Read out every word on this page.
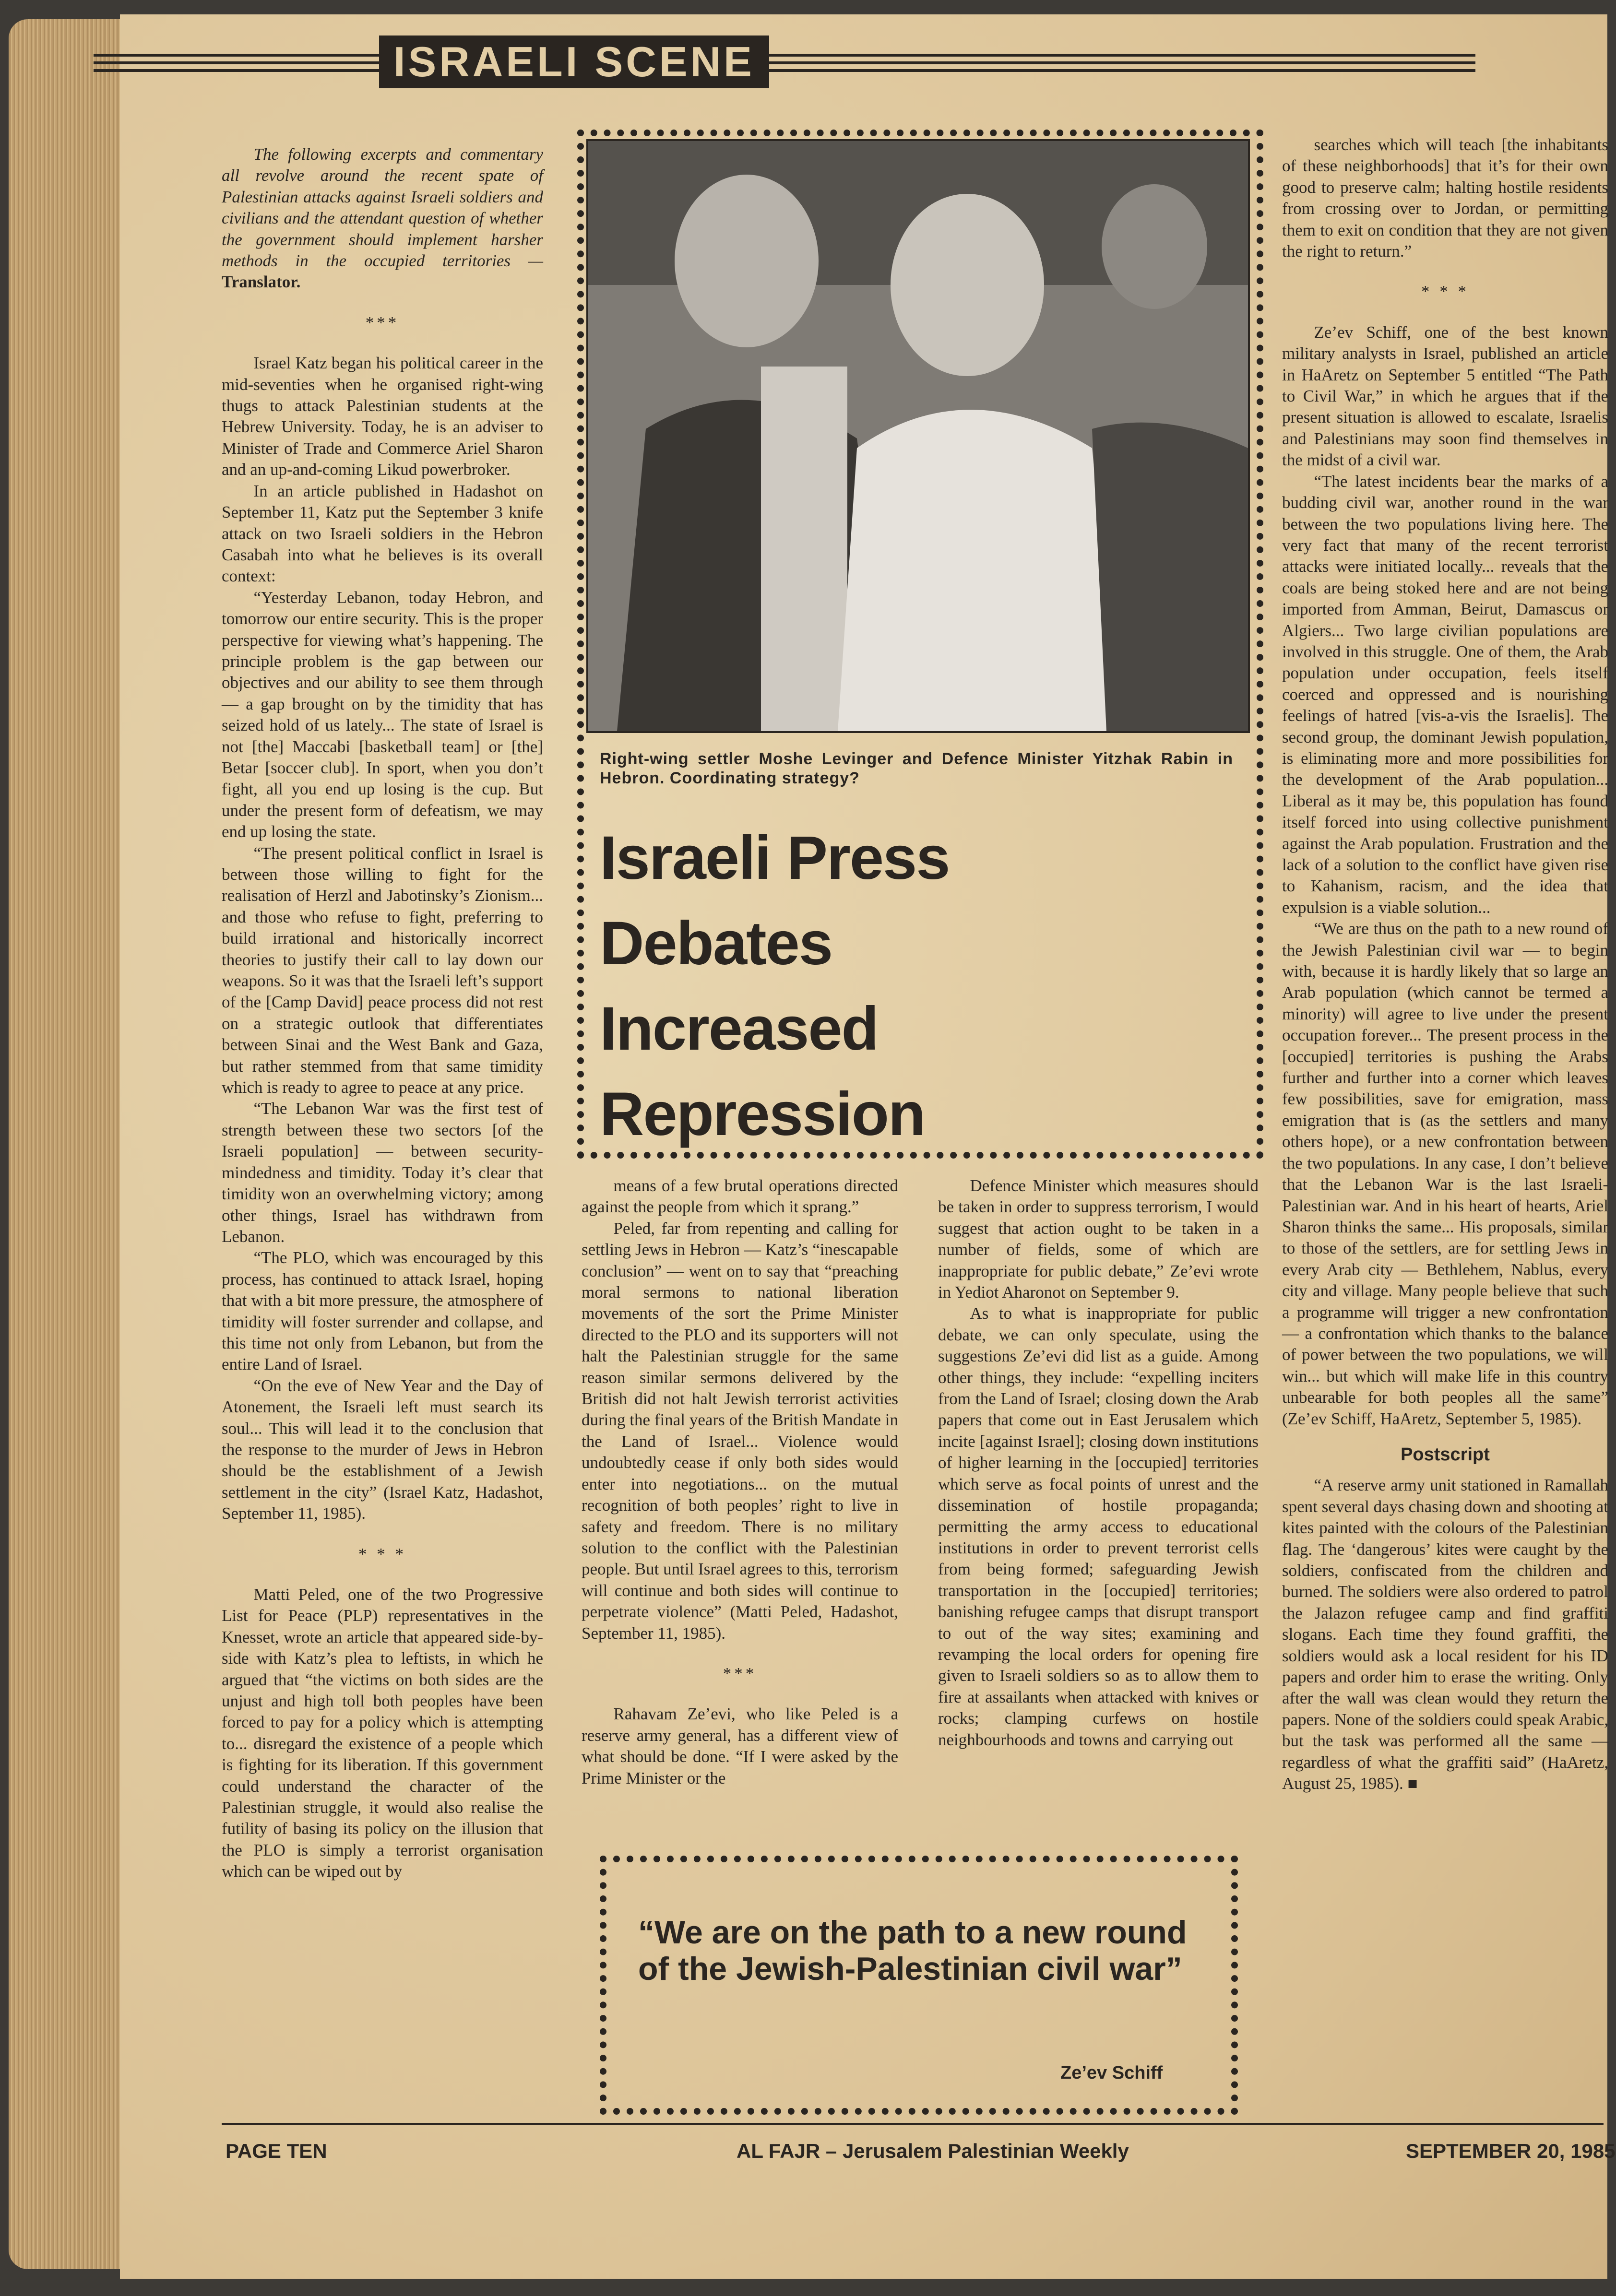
ISRAELI SCENE

The following excerpts and commentary all revolve around the recent spate of Palestinian attacks against Israeli soldiers and civilians and the attendant question of whether the government should implement harsher methods in the occupied territories — Translator.

***

Israel Katz began his political career in the mid-seventies when he organised right-wing thugs to attack Palestinian students at the Hebrew University. Today, he is an adviser to Minister of Trade and Commerce Ariel Sharon and an up-and-coming Likud powerbroker.

In an article published in Hadashot on September 11, Katz put the September 3 knife attack on two Israeli soldiers in the Hebron Casabah into what he believes is its overall context:

“Yesterday Lebanon, today Hebron, and tomorrow our entire security. This is the proper perspective for viewing what’s happening. The principle problem is the gap between our objectives and our ability to see them through — a gap brought on by the timidity that has seized hold of us lately... The state of Israel is not [the] Maccabi [basketball team] or [the] Betar [soccer club]. In sport, when you don’t fight, all you end up losing is the cup. But under the present form of defeatism, we may end up losing the state.

“The present political conflict in Israel is between those willing to fight for the realisation of Herzl and Jabotinsky’s Zionism... and those who refuse to fight, preferring to build irrational and historically incorrect theories to justify their call to lay down our weapons. So it was that the Israeli left’s support of the [Camp David] peace process did not rest on a strategic outlook that differentiates between Sinai and the West Bank and Gaza, but rather stemmed from that same timidity which is ready to agree to peace at any price.

“The Lebanon War was the first test of strength between these two sectors [of the Israeli population] — between security-mindedness and timidity. Today it’s clear that timidity won an overwhelming victory; among other things, Israel has withdrawn from Lebanon.

“The PLO, which was encouraged by this process, has continued to attack Israel, hoping that with a bit more pressure, the atmosphere of timidity will foster surrender and collapse, and this time not only from Lebanon, but from the entire Land of Israel.

“On the eve of New Year and the Day of Atonement, the Israeli left must search its soul... This will lead it to the conclusion that the response to the murder of Jews in Hebron should be the establishment of a Jewish settlement in the city” (Israel Katz, Hadashot, September 11, 1985).

* * *

Matti Peled, one of the two Progressive List for Peace (PLP) representatives in the Knesset, wrote an article that appeared side-by-side with Katz’s plea to leftists, in which he argued that “the victims on both sides are the unjust and high toll both peoples have been forced to pay for a policy which is attempting to... disregard the existence of a people which is fighting for its liberation. If this government could understand the character of the Palestinian struggle, it would also realise the futility of basing its policy on the illusion that the PLO is simply a terrorist organisation which can be wiped out by

Right-wing settler Moshe Levinger and Defence Minister Yitzhak Rabin in Hebron. Coordinating strategy?
Israeli Press
Debates
Increased
Repression

means of a few brutal operations directed against the people from which it sprang.”

Peled, far from repenting and calling for settling Jews in Hebron — Katz’s “inescapable conclusion” — went on to say that “preaching moral sermons to national liberation movements of the sort the Prime Minister directed to the PLO and its supporters will not halt the Palestinian struggle for the same reason similar sermons delivered by the British did not halt Jewish terrorist activities during the final years of the British Mandate in the Land of Israel... Violence would undoubtedly cease if only both sides would enter into negotiations... on the mutual recognition of both peoples’ right to live in safety and freedom. There is no military solution to the conflict with the Palestinian people. But until Israel agrees to this, terrorism will continue and both sides will continue to perpetrate violence” (Matti Peled, Hadashot, September 11, 1985).

***

Rahavam Ze’evi, who like Peled is a reserve army general, has a different view of what should be done. “If I were asked by the Prime Minister or the

Defence Minister which measures should be taken in order to suppress terrorism, I would suggest that action ought to be taken in a number of fields, some of which are inappropriate for public debate,” Ze’evi wrote in Yediot Aharonot on September 9.

As to what is inappropriate for public debate, we can only speculate, using the suggestions Ze’evi did list as a guide. Among other things, they include: “expelling inciters from the Land of Israel; closing down the Arab papers that come out in East Jerusalem which incite [against Israel]; closing down institutions of higher learning in the [occupied] territories which serve as focal points of unrest and the dissemination of hostile propaganda; permitting the army access to educational institutions in order to prevent terrorist cells from being formed; safeguarding Jewish transportation in the [occupied] territories; banishing refugee camps that disrupt transport to out of the way sites; examining and revamping the local orders for opening fire given to Israeli soldiers so as to allow them to fire at assailants when attacked with knives or rocks; clamping curfews on hostile neighbourhoods and towns and carrying out

searches which will teach [the inhabitants of these neighborhoods] that it’s for their own good to preserve calm; halting hostile residents from crossing over to Jordan, or permitting them to exit on condition that they are not given the right to return.”

* * *

Ze’ev Schiff, one of the best known military analysts in Israel, published an article in HaAretz on September 5 entitled “The Path to Civil War,” in which he argues that if the present situation is allowed to escalate, Israelis and Palestinians may soon find themselves in the midst of a civil war.

“The latest incidents bear the marks of a budding civil war, another round in the war between the two populations living here. The very fact that many of the recent terrorist attacks were initiated locally... reveals that the coals are being stoked here and are not being imported from Amman, Beirut, Damascus or Algiers... Two large civilian populations are involved in this struggle. One of them, the Arab population under occupation, feels itself coerced and oppressed and is nourishing feelings of hatred [vis-a-vis the Israelis]. The second group, the dominant Jewish population, is eliminating more and more possibilities for the development of the Arab population... Liberal as it may be, this population has found itself forced into using collective punishment against the Arab population. Frustration and the lack of a solution to the conflict have given rise to Kahanism, racism, and the idea that expulsion is a viable solution...

“We are thus on the path to a new round of the Jewish Palestinian civil war — to begin with, because it is hardly likely that so large an Arab population (which cannot be termed a minority) will agree to live under the present occupation forever... The present process in the [occupied] territories is pushing the Arabs further and further into a corner which leaves few possibilities, save for emigration, mass emigration that is (as the settlers and many others hope), or a new confrontation between the two populations. In any case, I don’t believe that the Lebanon War is the last Israeli-Palestinian war. And in his heart of hearts, Ariel Sharon thinks the same... His proposals, similar to those of the settlers, are for settling Jews in every Arab city — Bethlehem, Nablus, every city and village. Many people believe that such a programme will trigger a new confrontation — a confrontation which thanks to the balance of power between the two populations, we will win... but which will make life in this country unbearable for both peoples all the same” (Ze’ev Schiff, HaAretz, September 5, 1985).

Postscript

“A reserve army unit stationed in Ramallah spent several days chasing down and shooting at kites painted with the colours of the Palestinian flag. The ‘dangerous’ kites were caught by the soldiers, confiscated from the children and burned. The soldiers were also ordered to patrol the Jalazon refugee camp and find graffiti slogans. Each time they found graffiti, the soldiers would ask a local resident for his ID papers and order him to erase the writing. Only after the wall was clean would they return the papers. None of the soldiers could speak Arabic, but the task was performed all the same — regardless of what the graffiti said” (HaAretz, August 25, 1985). ■

“We are on the path to a new round of the Jewish-Palestinian civil war”
Ze’ev Schiff
PAGE TEN	AL FAJR – Jerusalem Palestinian Weekly	SEPTEMBER 20, 1985
